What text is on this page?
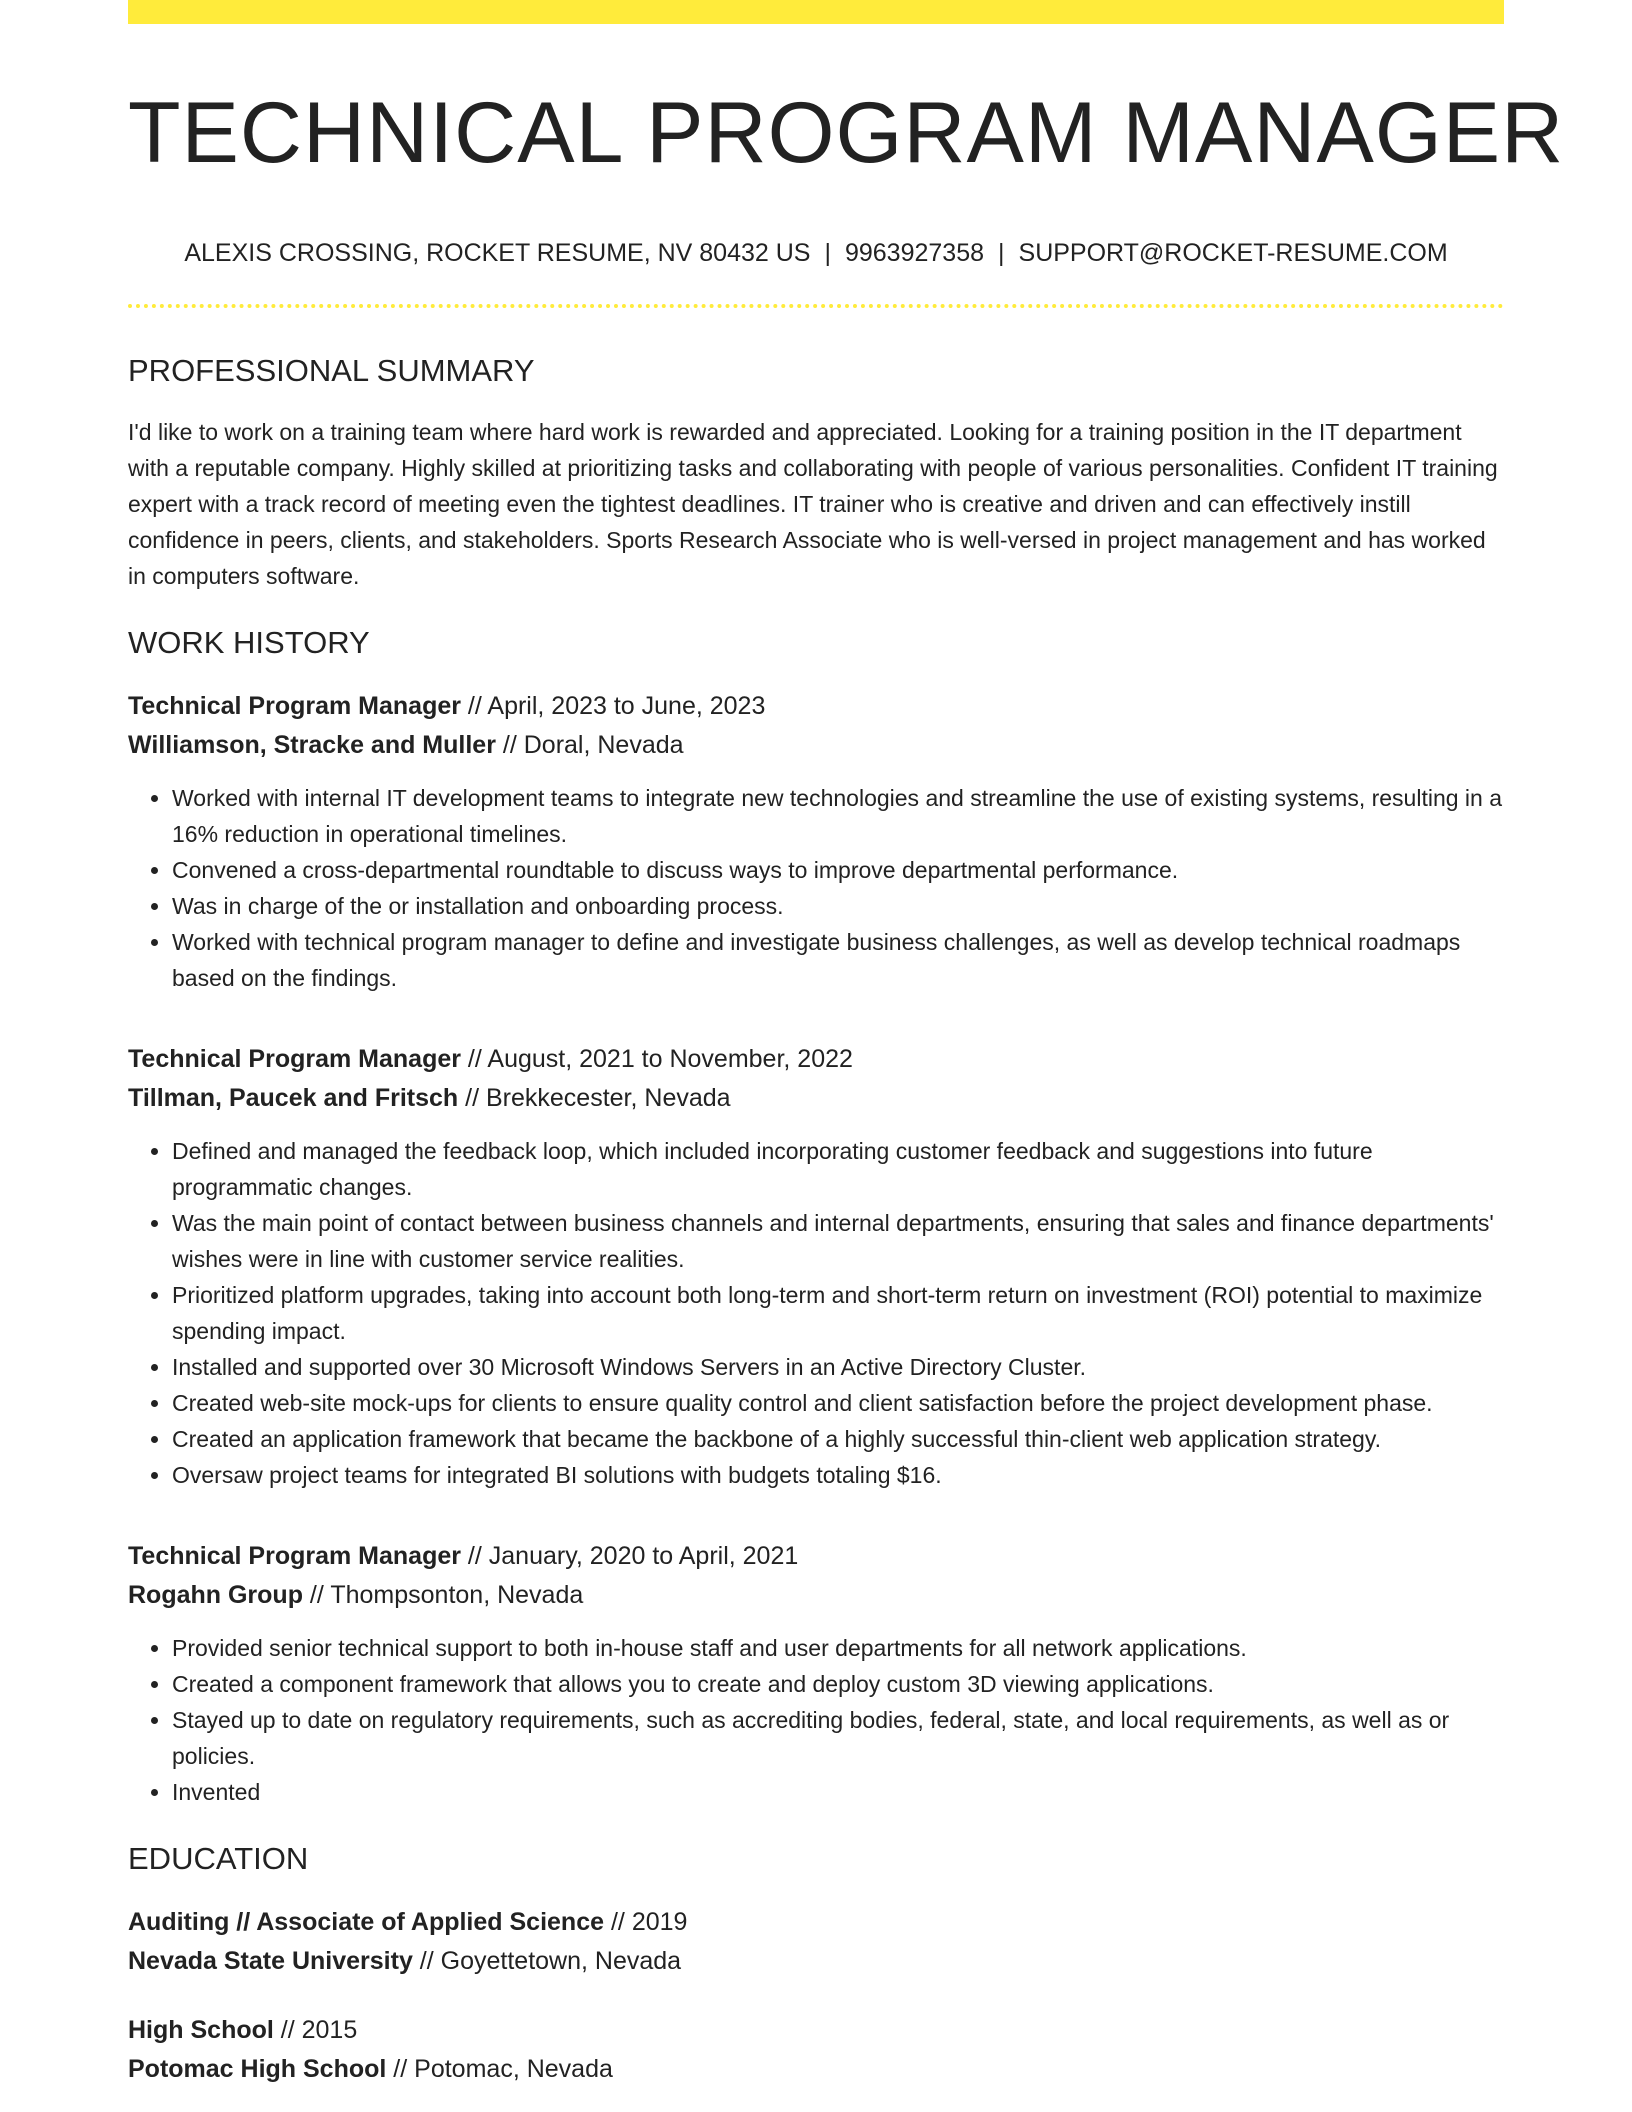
TECHNICAL PROGRAM MANAGER
ALEXIS CROSSING, ROCKET RESUME, NV 80432 US | 9963927358 | SUPPORT@ROCKET-RESUME.COM
PROFESSIONAL SUMMARY

I'd like to work on a training team where hard work is rewarded and appreciated. Looking for a training position in the IT department with a reputable company. Highly skilled at prioritizing tasks and collaborating with people of various personalities. Confident IT training expert with a track record of meeting even the tightest deadlines. IT trainer who is creative and driven and can effectively instill confidence in peers, clients, and stakeholders. Sports Research Associate who is well-versed in project management and has worked in computers software.

WORK HISTORY
Technical Program Manager // April, 2023 to June, 2023
Williamson, Stracke and Muller // Doral, Nevada
• Worked with internal IT development teams to integrate new technologies and streamline the use of existing systems, resulting in a 16% reduction in operational timelines.
• Convened a cross-departmental roundtable to discuss ways to improve departmental performance.
• Was in charge of the or installation and onboarding process.
• Worked with technical program manager to define and investigate business challenges, as well as develop technical roadmaps based on the findings.
Technical Program Manager // August, 2021 to November, 2022
Tillman, Paucek and Fritsch // Brekkecester, Nevada
• Defined and managed the feedback loop, which included incorporating customer feedback and suggestions into future programmatic changes.
• Was the main point of contact between business channels and internal departments, ensuring that sales and finance departments' wishes were in line with customer service realities.
• Prioritized platform upgrades, taking into account both long-term and short-term return on investment (ROI) potential to maximize spending impact.
• Installed and supported over 30 Microsoft Windows Servers in an Active Directory Cluster.
• Created web-site mock-ups for clients to ensure quality control and client satisfaction before the project development phase.
• Created an application framework that became the backbone of a highly successful thin-client web application strategy.
• Oversaw project teams for integrated BI solutions with budgets totaling $16.
Technical Program Manager // January, 2020 to April, 2021
Rogahn Group // Thompsonton, Nevada
• Provided senior technical support to both in-house staff and user departments for all network applications.
• Created a component framework that allows you to create and deploy custom 3D viewing applications.
• Stayed up to date on regulatory requirements, such as accrediting bodies, federal, state, and local requirements, as well as or policies.
• Invented
EDUCATION
Auditing // Associate of Applied Science // 2019
Nevada State University // Goyettetown, Nevada
High School // 2015
Potomac High School // Potomac, Nevada
